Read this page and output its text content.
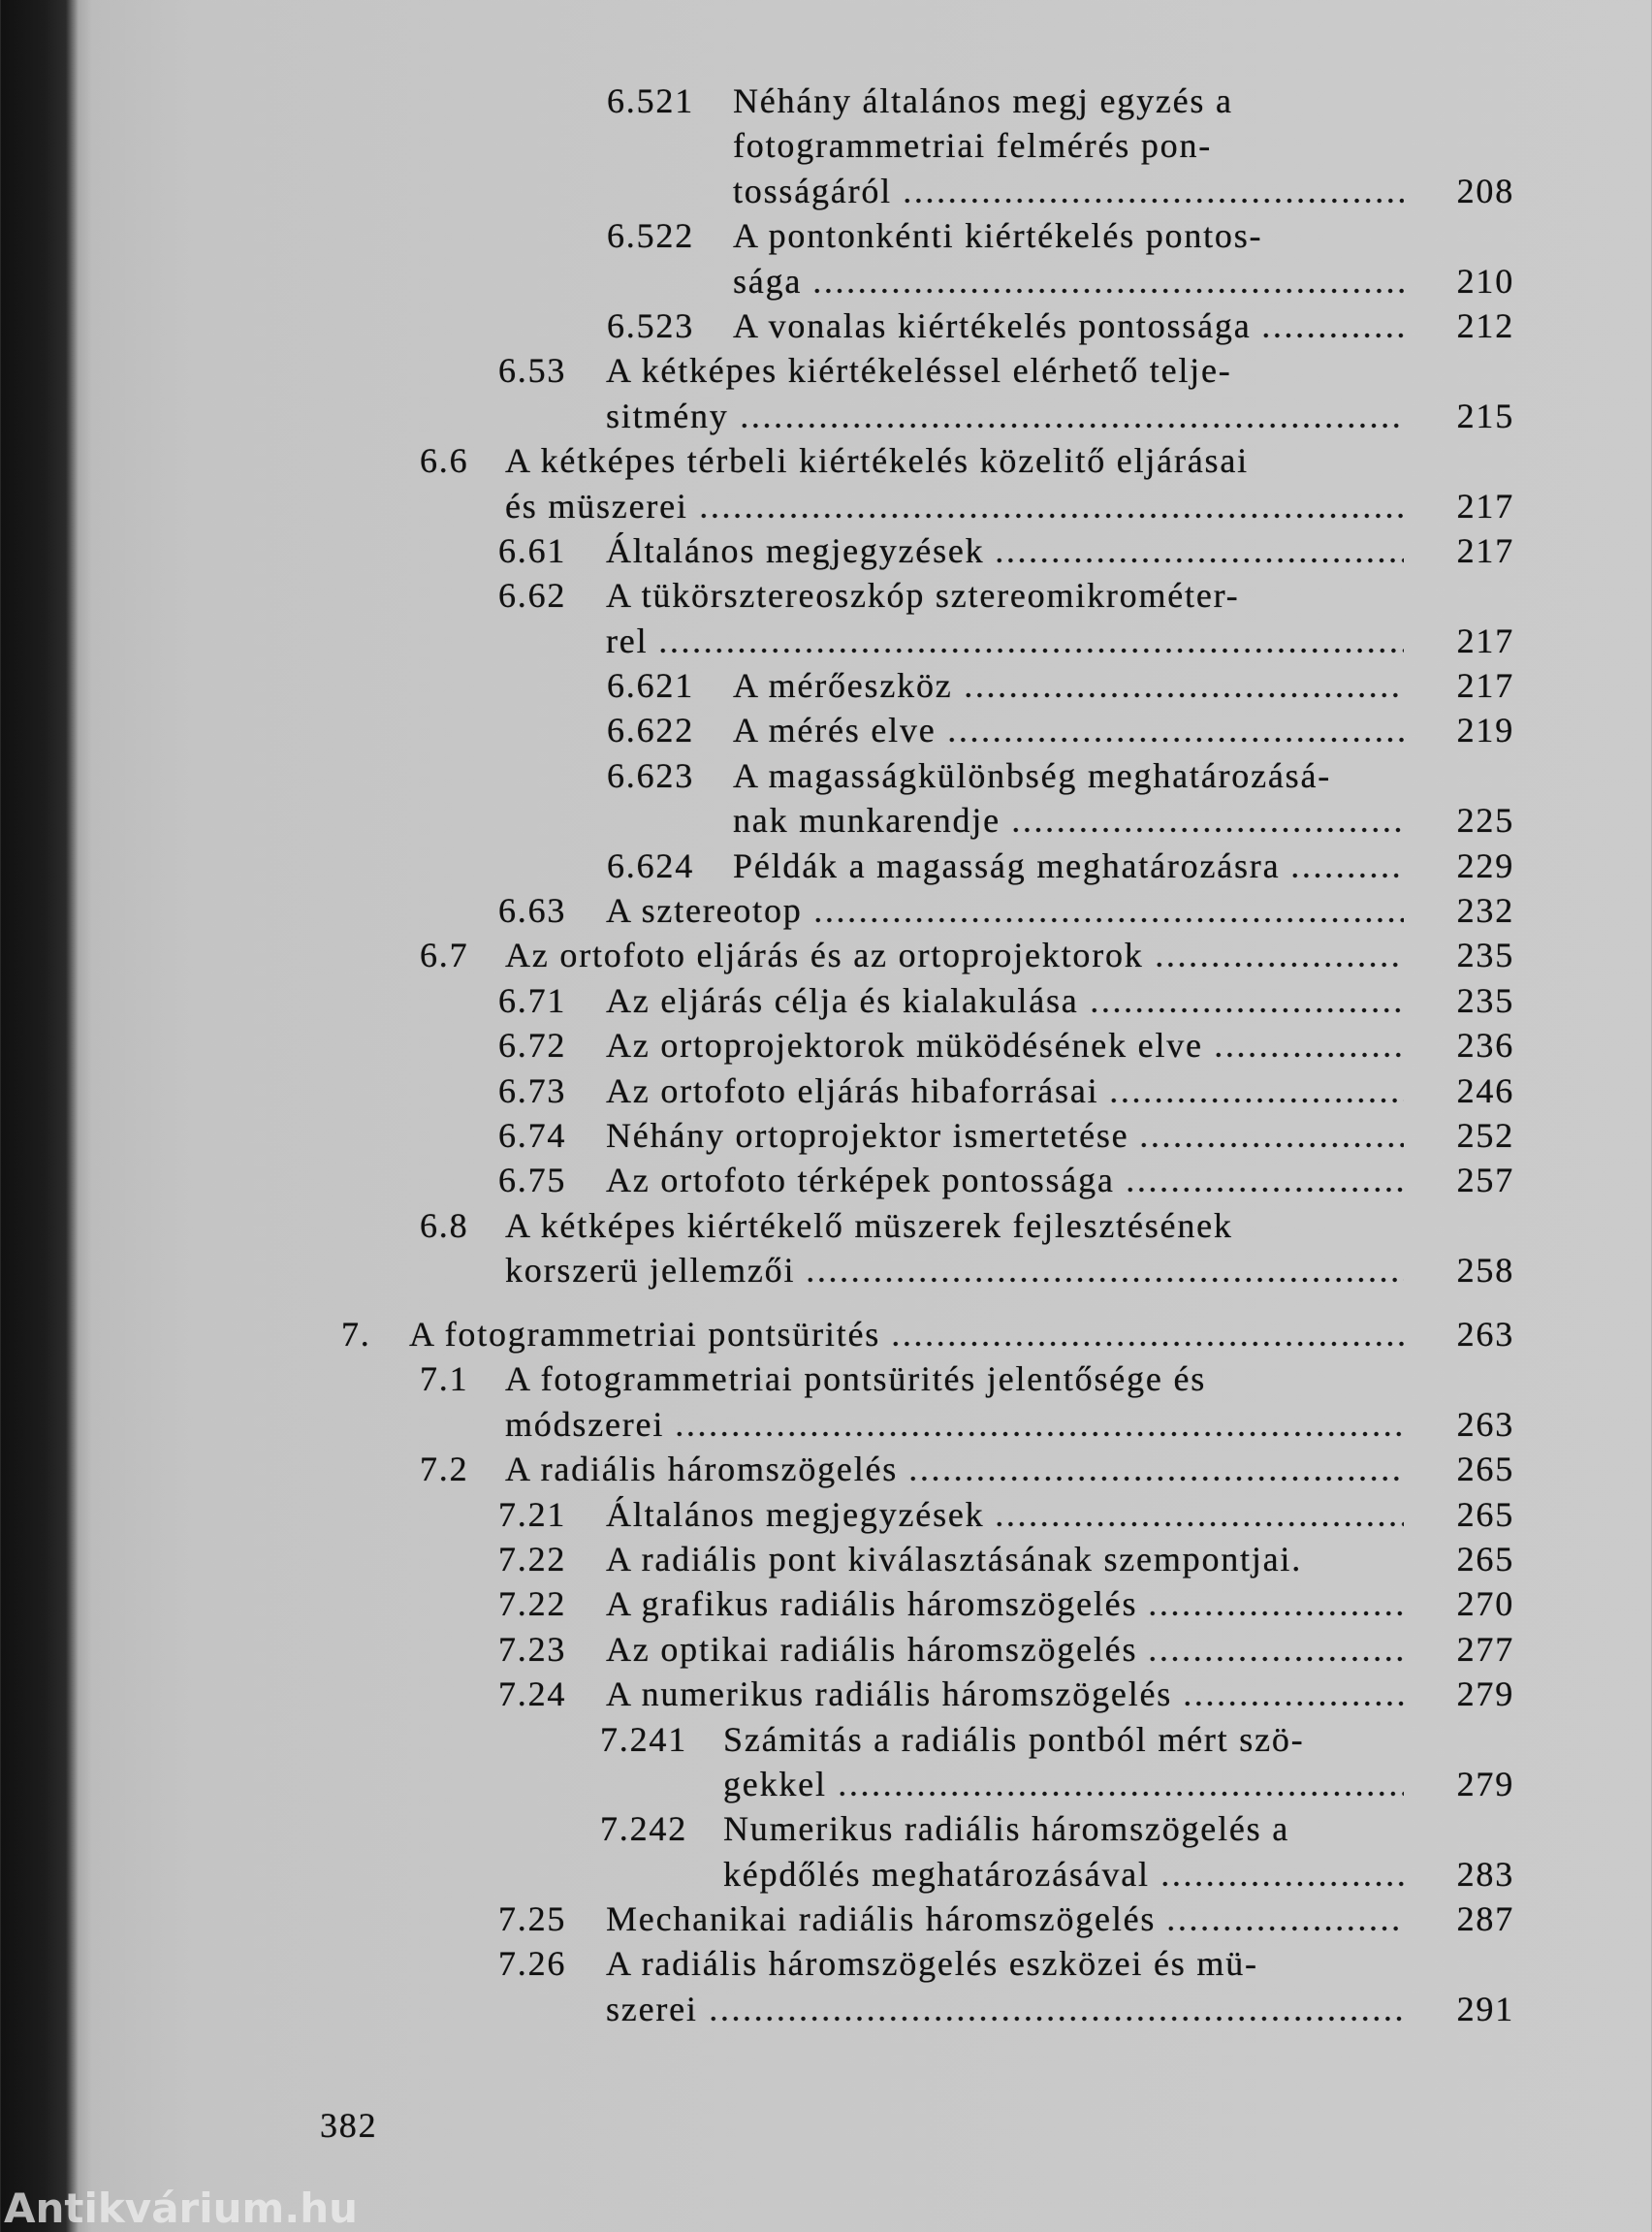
6.521 Néhány általános megj egyzés a
fotogrammetriai felmérés pon-
tosságáról	208
6.522 A pontonkénti kiértékelés pontos-
sága	210
6.523 A vonalas kiértékelés pontossága	212
6.53 A kétképes kiértékeléssel elérhető telje-
sitmény	215
6.6 A kétképes térbeli kiértékelés közelitő eljárásai
és müszerei	217
6.61 Általános megjegyzések	217
6.62 A tükörsztereoszkóp sztereomikrométer-
rel	217
6.621 A mérőeszköz	217
6.622 A mérés elve	219
6.623 A magasságkülönbség meghatározásá-
nak munkarendje	225
6.624 Példák a magasság meghatározásra	229
6.63 A sztereotop	232
6.7 Az ortofoto eljárás és az ortoprojektorok	235
6.71 Az eljárás célja és kialakulása	235
6.72 Az ortoprojektorok müködésének elve	236
6.73 Az ortofoto eljárás hibaforrásai	246
6.74 Néhány ortoprojektor ismertetése	252
6.75 Az ortofoto térképek pontossága	257
6.8 A kétképes kiértékelő müszerek fejlesztésének
korszerü jellemzői	258
7. A fotogrammetriai pontsürités	263
7.1 A fotogrammetriai pontsürités jelentősége és
módszerei	263
7.2 A radiális háromszögelés	265
7.21 Általános megjegyzések	265
7.22 A radiális pont kiválasztásának szempontjai.	265
7.22 A grafikus radiális háromszögelés	270
7.23 Az optikai radiális háromszögelés	277
7.24 A numerikus radiális háromszögelés	279
7.241 Számitás a radiális pontból mért szö-
gekkel	279
7.242 Numerikus radiális háromszögelés a
képdőlés meghatározásával	283
7.25 Mechanikai radiális háromszögelés	287
7.26 A radiális háromszögelés eszközei és mü-
szerei	291
382
Antikvárium.hu
